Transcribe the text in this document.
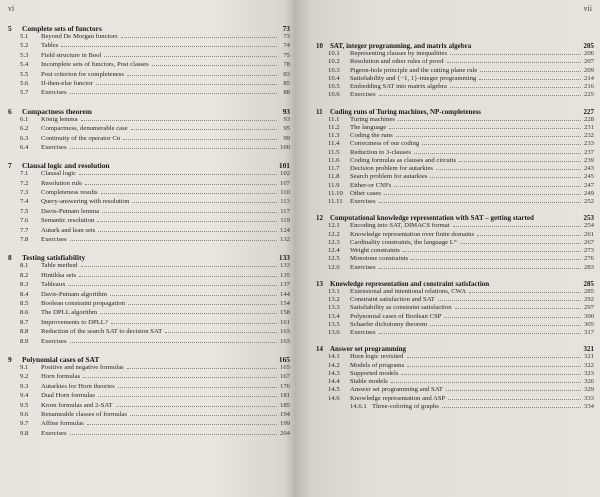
vi
5	Complete sets of functors	73
5.1	Beyond De Morgan functors	73
5.2	Tables	74
5.3	Field structure in Bool	75
5.4	Incomplete sets of functors, Post classes	78
5.5	Post criterion for completeness	83
5.6	If-then-else functor	85
5.7	Exercises	88
6	Compactness theorem	93
6.1	König lemma	93
6.2	Compactness, denumerable case	95
6.3	Continuity of the operator Cn	99
6.4	Exercises	100
7	Clausal logic and resolution	101
7.1	Clausal logic	102
7.2	Resolution rule	107
7.3	Completeness results	110
7.4	Query-answering with resolution	113
7.5	Davis-Putnam lemma	117
7.6	Semantic resolution	119
7.7	Autark and lean sets	124
7.8	Exercises	132
8	Testing satisfiability	133
8.1	Table method	133
8.2	Hintikka sets	135
8.3	Tableaux	137
8.4	Davis-Putnam algorithm	144
8.5	Boolean constraint propagation	154
8.6	The DPLL algorithm	158
8.7	Improvements to DPLL?	161
8.8	Reduction of the search SAT to decision SAT	163
8.9	Exercises	163
9	Polynomial cases of SAT	165
9.1	Positive and negative formulas	165
9.2	Horn formulas	167
9.3	Autarkies for Horn theories	176
9.4	Dual Horn formulas	181
9.5	Krom formulas and 2-SAT	185
9.6	Renameable classes of formulas	194
9.7	Affine formulas	199
9.8	Exercises	204
vii
10	SAT, integer programming, and matrix algebra	205
10.1	Representing clauses by inequalities	206
10.2	Resolution and other rules of proof	207
10.3	Pigeon-hole principle and the cutting plane rule	209
10.4	Satisfiability and {−1, 1}-integer programming	214
10.5	Embedding SAT into matrix algebra	216
10.6	Exercises	225
11	Coding runs of Turing machines, NP-completeness	227
11.1	Turing machines	228
11.2	The language	231
11.3	Coding the runs	232
11.4	Correctness of our coding	233
11.5	Reduction to 3-clauses	237
11.6	Coding formulas as clauses and circuits	239
11.7	Decision problem for autarkies	243
11.8	Search problem for autarkies	245
11.9	Either-or CNFs	247
11.10	Other cases	249
11.11	Exercises	252
12	Computational knowledge representation with SAT – getting started	253
12.1	Encoding into SAT, DIMACS format	254
12.2	Knowledge representation over finite domains	261
12.3	Cardinality constraints, the language Lᶜᶜ	267
12.4	Weight constraints	273
12.5	Monotone constraints	276
12.6	Exercises	283
13	Knowledge representation and constraint satisfaction	285
13.1	Extensional and intentional relations, CWA	285
13.2	Constraint satisfaction and SAT	292
13.3	Satisfiability as constraint satisfaction	297
13.4	Polynomial cases of Boolean CSP	300
13.5	Schaefer dichotomy theorem	305
13.6	Exercises	317
14	Answer set programming	321
14.1	Horn logic revisited	321
14.2	Models of programs	322
14.3	Supported models	323
14.4	Stable models	326
14.5	Answer set programming and SAT	329
14.6	Knowledge representation and ASP	333
14.6.1 Three-coloring of graphs	334
